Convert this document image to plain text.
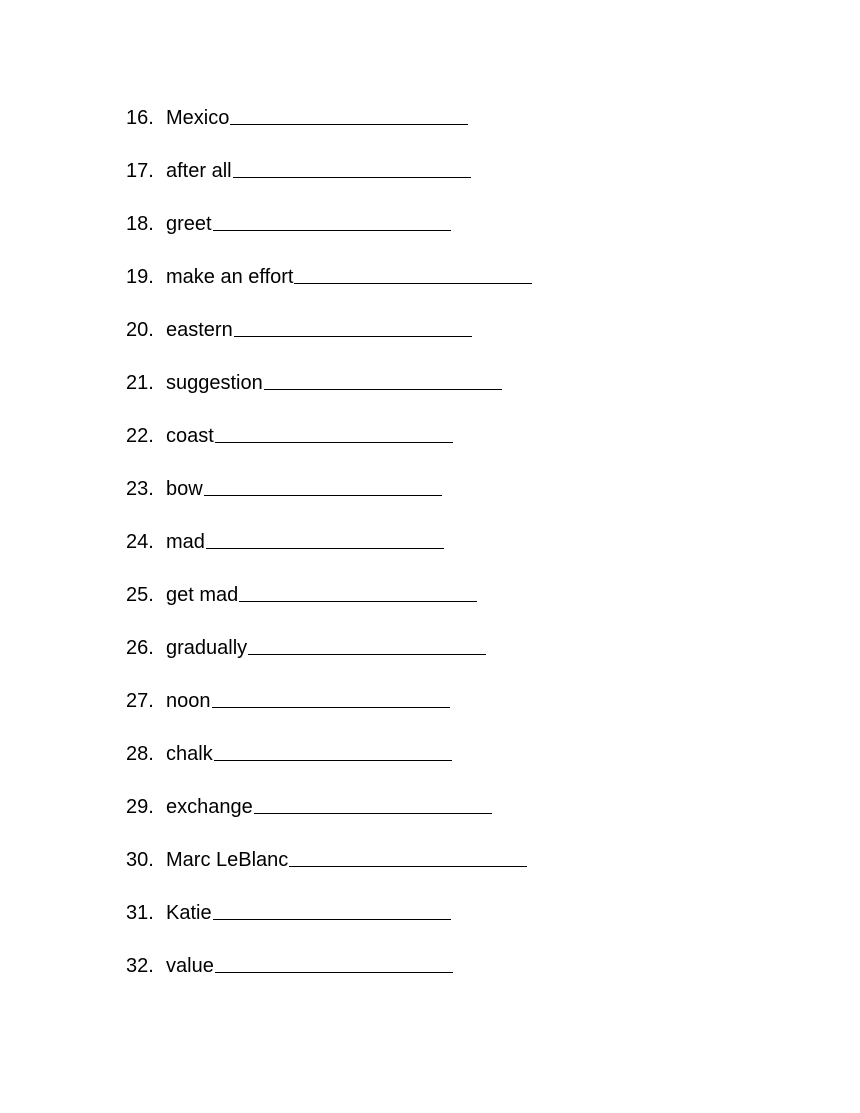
16. Mexico
17. after all
18. greet
19. make an effort
20. eastern
21. suggestion
22. coast
23. bow
24. mad
25. get mad
26. gradually
27. noon
28. chalk
29. exchange
30. Marc LeBlanc
31. Katie
32. value
